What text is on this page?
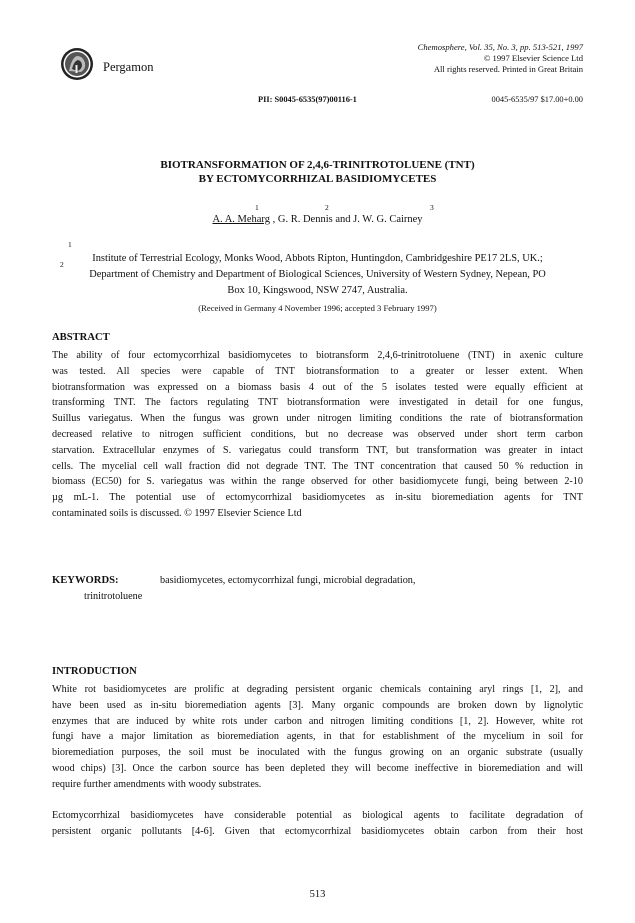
Pergamon
Chemosphere, Vol. 35, No. 3, pp. 513-521, 1997
© 1997 Elsevier Science Ltd
All rights reserved. Printed in Great Britain
PII: S0045-6535(97)00116-1	0045-6535/97 $17.00+0.00
BIOTRANSFORMATION OF 2,4,6-TRINITROTOLUENE (TNT)
BY ECTOMYCORRHIZAL BASIDIOMYCETES
1	2	3
A. A. Meharg , G. R. Dennis and J. W. G. Cairney
1
2
Institute of Terrestrial Ecology, Monks Wood, Abbots Ripton, Huntingdon, Cambridgeshire PE17 2LS, UK.;
Department of Chemistry and Department of Biological Sciences, University of Western Sydney, Nepean, PO
Box 10, Kingswood, NSW 2747, Australia.
(Received in Germany 4 November 1996; accepted 3 February 1997)
ABSTRACT
The ability of four ectomycorrhizal basidiomycetes to biotransform 2,4,6-trinitrotoluene (TNT) in axenic culture
was tested. All species were capable of TNT biotransformation to a greater or lesser extent. When
biotransformation was expressed on a biomass basis 4 out of the 5 isolates tested were equally efficient at
transforming TNT. The factors regulating TNT biotransformation were investigated in detail for one fungus,
Suillus variegatus. When the fungus was grown under nitrogen limiting conditions the rate of biotransformation
decreased relative to nitrogen sufficient conditions, but no decrease was observed under short term carbon
starvation. Extracellular enzymes of S. variegatus could transform TNT, but transformation was greater in intact
cells. The mycelial cell wall fraction did not degrade TNT. The TNT concentration that caused 50 % reduction in
biomass (EC50) for S. variegatus was within the range observed for other basidiomycete fungi, being between 2-10
µg mL-1. The potential use of ectomycorrhizal basidiomycetes as in-situ bioremediation agents for TNT
contaminated soils is discussed. © 1997 Elsevier Science Ltd
KEYWORDS:	basidiomycetes, ectomycorrhizal fungi, microbial degradation,
trinitrotoluene
INTRODUCTION
White rot basidiomycetes are prolific at degrading persistent organic chemicals containing aryl rings [1, 2], and
have been used as in-situ bioremediation agents [3]. Many organic compounds are broken down by lignolytic
enzymes that are induced by white rots under carbon and nitrogen limiting conditions [1, 2]. However, white rot
fungi have a major limitation as bioremediation agents, in that for establishment of the mycelium in soil for
bioremediation purposes, the soil must be inoculated with the fungus growing on an organic substrate (usually
wood chips) [3]. Once the carbon source has been depleted they will become ineffective in bioremediation and will
require further amendments with woody substrates.
Ectomycorrhizal basidiomycetes have considerable potential as biological agents to facilitate degradation of
persistent organic pollutants [4-6]. Given that ectomycorrhizal basidiomycetes obtain carbon from their host
513
